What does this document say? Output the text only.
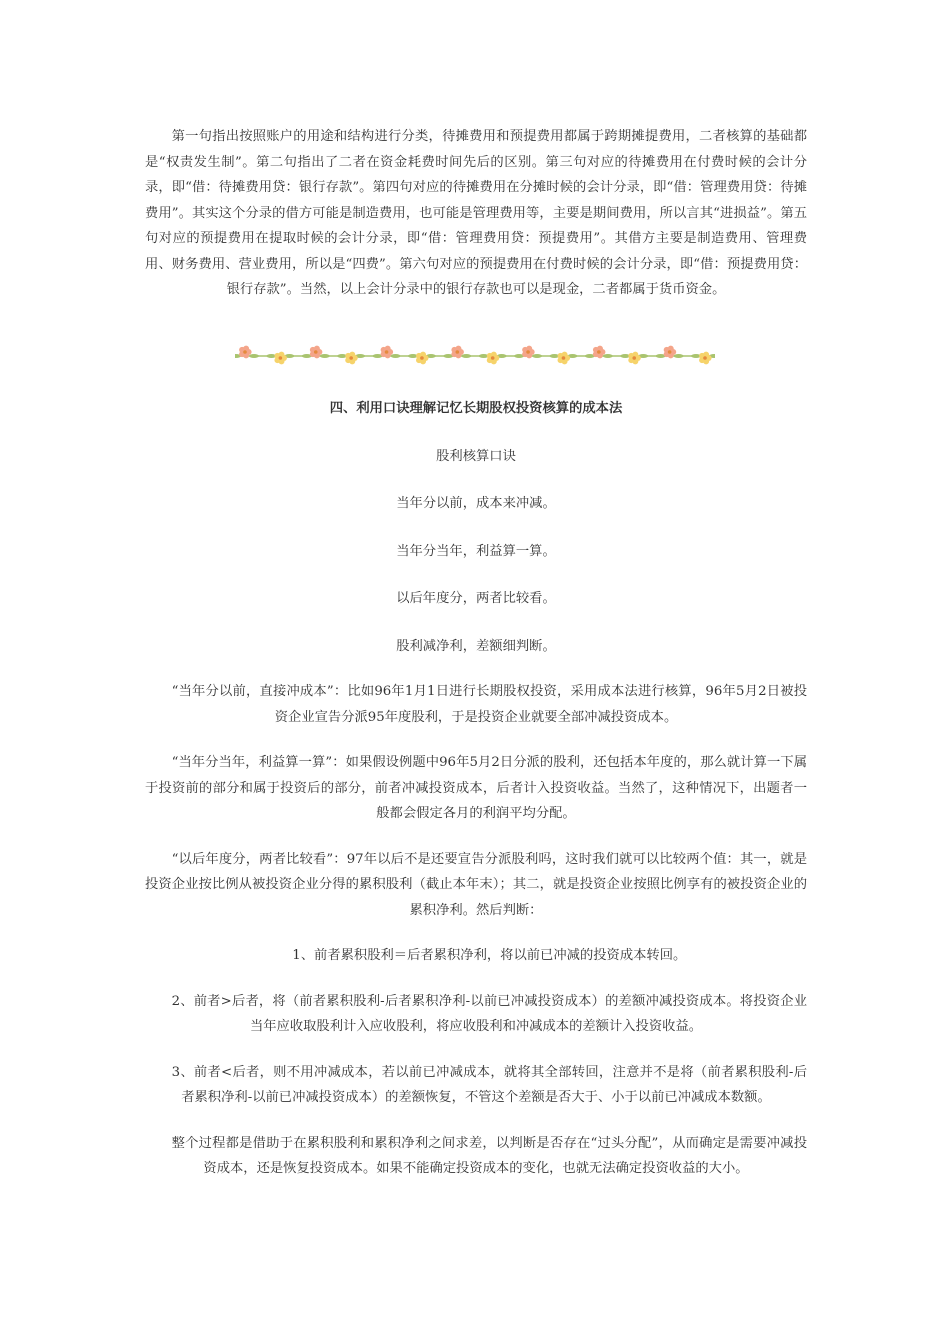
第一句指出按照账户的用途和结构进行分类，待摊费用和预提费用都属于跨期摊提费用，二者核算的基础都是“权责发生制”。第二句指出了二者在资金耗费时间先后的区别。第三句对应的待摊费用在付费时候的会计分录，即“借：待摊费用贷：银行存款”。第四句对应的待摊费用在分摊时候的会计分录，即“借：管理费用贷：待摊费用”。其实这个分录的借方可能是制造费用，也可能是管理费用等，主要是期间费用，所以言其“进损益”。第五句对应的预提费用在提取时候的会计分录，即“借：管理费用贷：预提费用”。其借方主要是制造费用、管理费用、财务费用、营业费用，所以是“四费”。第六句对应的预提费用在付费时候的会计分录，即“借：预提费用贷：银行存款”。当然，以上会计分录中的银行存款也可以是现金，二者都属于货币资金。

四、利用口诀理解记忆长期股权投资核算的成本法

股利核算口诀

当年分以前，成本来冲减。

当年分当年，利益算一算。

以后年度分，两者比较看。

股利减净利，差额细判断。

“当年分以前，直接冲成本”：比如96年1月1日进行长期股权投资，采用成本法进行核算，96年5月2日被投资企业宣告分派95年度股利，于是投资企业就要全部冲减投资成本。

“当年分当年，利益算一算”：如果假设例题中96年5月2日分派的股利，还包括本年度的，那么就计算一下属于投资前的部分和属于投资后的部分，前者冲减投资成本，后者计入投资收益。当然了，这种情况下，出题者一般都会假定各月的利润平均分配。

“以后年度分，两者比较看”：97年以后不是还要宣告分派股利吗，这时我们就可以比较两个值：其一，就是投资企业按比例从被投资企业分得的累积股利（截止本年末）；其二，就是投资企业按照比例享有的被投资企业的累积净利。然后判断：

1、前者累积股利＝后者累积净利，将以前已冲减的投资成本转回。

2、前者>后者，将（前者累积股利-后者累积净利-以前已冲减投资成本）的差额冲减投资成本。将投资企业当年应收取股利计入应收股利，将应收股利和冲减成本的差额计入投资收益。

3、前者<后者，则不用冲减成本，若以前已冲减成本，就将其全部转回，注意并不是将（前者累积股利-后者累积净利-以前已冲减投资成本）的差额恢复，不管这个差额是否大于、小于以前已冲减成本数额。

整个过程都是借助于在累积股利和累积净利之间求差，以判断是否存在“过头分配”，从而确定是需要冲减投资成本，还是恢复投资成本。如果不能确定投资成本的变化，也就无法确定投资收益的大小。
